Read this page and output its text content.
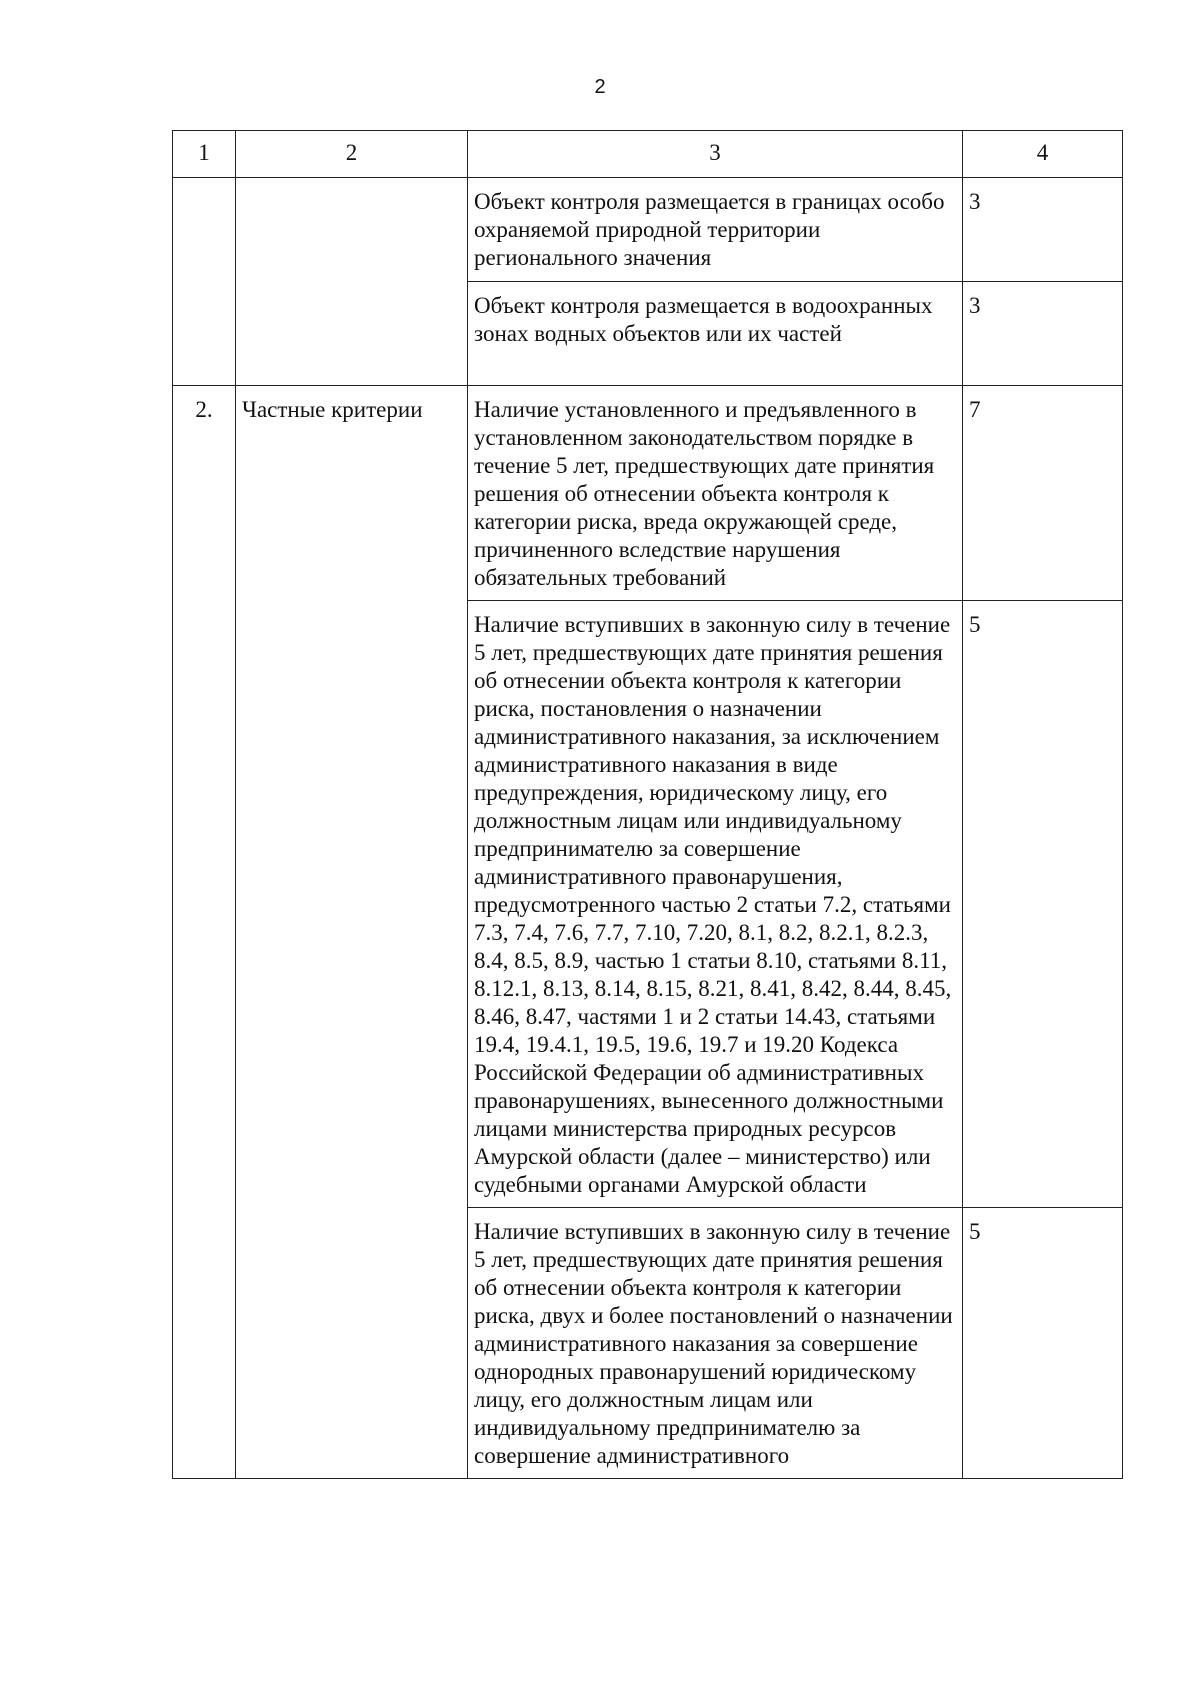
2
1	2	3	4
		Объект контроля размещается в границах особо охраняемой природной территории регионального значения	3
		Объект контроля размещается в водоохранных зонах водных объектов или их частей	3
2.	Частные критерии	Наличие установленного и предъявленного в установленном законодательством порядке в течение 5 лет, предшествующих дате принятия решения об отнесении объекта контроля к категории риска, вреда окружающей среде, причиненного вследствие нарушения обязательных требований	7
		Наличие вступивших в законную силу в течение 5 лет, предшествующих дате принятия решения об отнесении объекта контроля к категории риска, постановления о назначении административного наказания, за исключением административного наказания в виде предупреждения, юридическому лицу, его должностным лицам или индивидуальному предпринимателю за совершение административного правонарушения, предусмотренного частью 2 статьи 7.2, статьями 7.3, 7.4, 7.6, 7.7, 7.10, 7.20, 8.1, 8.2, 8.2.1, 8.2.3, 8.4, 8.5, 8.9, частью 1 статьи 8.10, статьями 8.11, 8.12.1, 8.13, 8.14, 8.15, 8.21, 8.41, 8.42, 8.44, 8.45, 8.46, 8.47, частями 1 и 2 статьи 14.43, статьями 19.4, 19.4.1, 19.5, 19.6, 19.7 и 19.20 Кодекса Российской Федерации об административных правонарушениях, вынесенного должностными лицами министерства природных ресурсов Амурской области (далее – министерство) или судебными органами Амурской области	5
		Наличие вступивших в законную силу в течение 5 лет, предшествующих дате принятия решения об отнесении объекта контроля к категории риска, двух и более постановлений о назначении административного наказания за совершение однородных правонарушений юридическому лицу, его должностным лицам или индивидуальному предпринимателю за совершение административного	5
